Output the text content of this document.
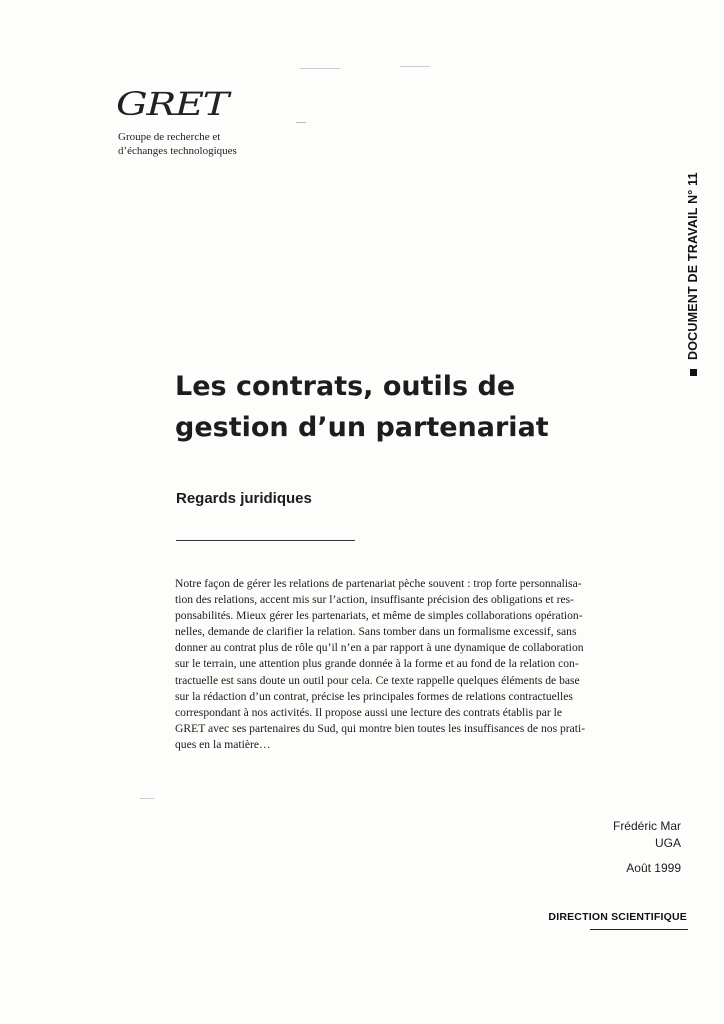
GRET
Groupe de recherche et
d’échanges technologiques
DOCUMENT DE TRAVAIL N° 11
Les contrats, outils de
gestion d’un partenariat
Regards juridiques
Notre façon de gérer les relations de partenariat pèche souvent : trop forte personnalisa-
tion des relations, accent mis sur l’action, insuffisante précision des obligations et res-
ponsabilités. Mieux gérer les partenariats, et même de simples collaborations opération-
nelles, demande de clarifier la relation. Sans tomber dans un formalisme excessif, sans
donner au contrat plus de rôle qu’il n’en a par rapport à une dynamique de collaboration
sur le terrain, une attention plus grande donnée à la forme et au fond de la relation con-
tractuelle est sans doute un outil pour cela. Ce texte rappelle quelques éléments de base
sur la rédaction d’un contrat, précise les principales formes de relations contractuelles
correspondant à nos activités. Il propose aussi une lecture des contrats établis par le
GRET avec ses partenaires du Sud, qui montre bien toutes les insuffisances de nos prati-
ques en la matière…
Frédéric Mar
UGA
Août 1999
DIRECTION SCIENTIFIQUE
